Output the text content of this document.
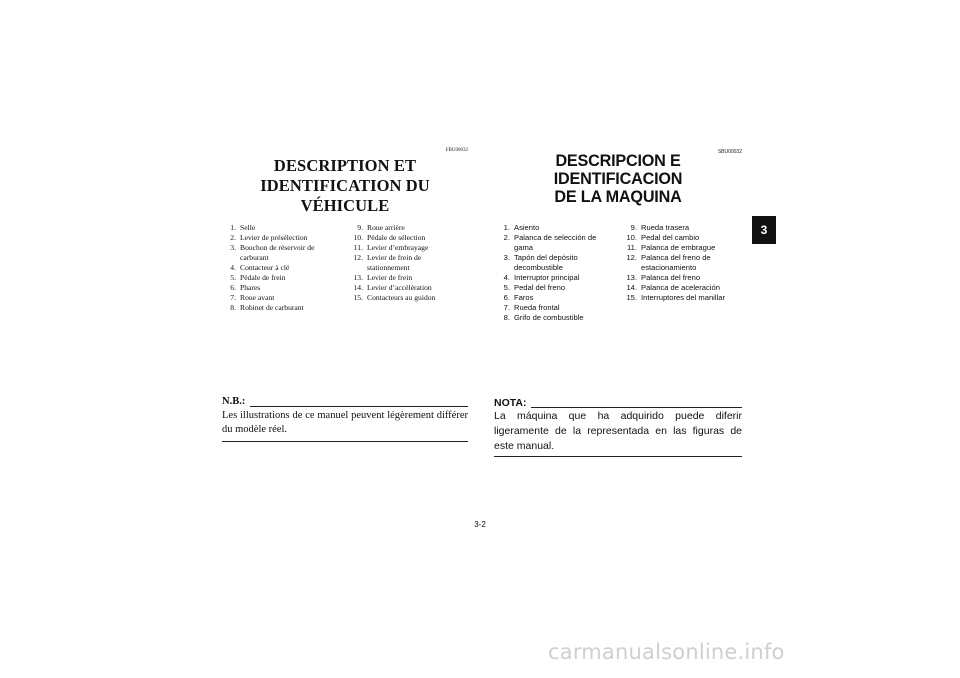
FBU00032
DESCRIPTION ET
IDENTIFICATION DU VÉHICULE
1. Selle
2. Levier de présélection
3. Bouchon de réservoir de carburant
4. Contacteur à clé
5. Pédale de frein
6. Phares
7. Roue avant
8. Robinet de carburant
9. Roue arrière
10. Pédale de sélection
11. Levier d’embrayage
12. Levier de frein de stationnement
13. Levier de frein
14. Levier d’accélération
15. Contacteurs au guidon
SBU00032
DESCRIPCION E IDENTIFICACION
DE LA MAQUINA
1. Asiento
2. Palanca de selección de gama
3. Tapón del depósito decombustible
4. Interruptor principal
5. Pedal del freno
6. Faros
7. Rueda frontal
8. Grifo de combustible
9. Rueda trasera
10. Pedal del cambio
11. Palanca de embrague
12. Palanca del freno de estacionamiento
13. Palanca del freno
14. Palanca de aceleración
15. Interruptores del manillar
N.B.:
Les illustrations de ce manuel peuvent légèrement différer du modèle réel.
NOTA:
La máquina que ha adquirido puede diferir ligeramente de la representada en las figuras de este manual.
3-2
3
carmanualsonline.info
